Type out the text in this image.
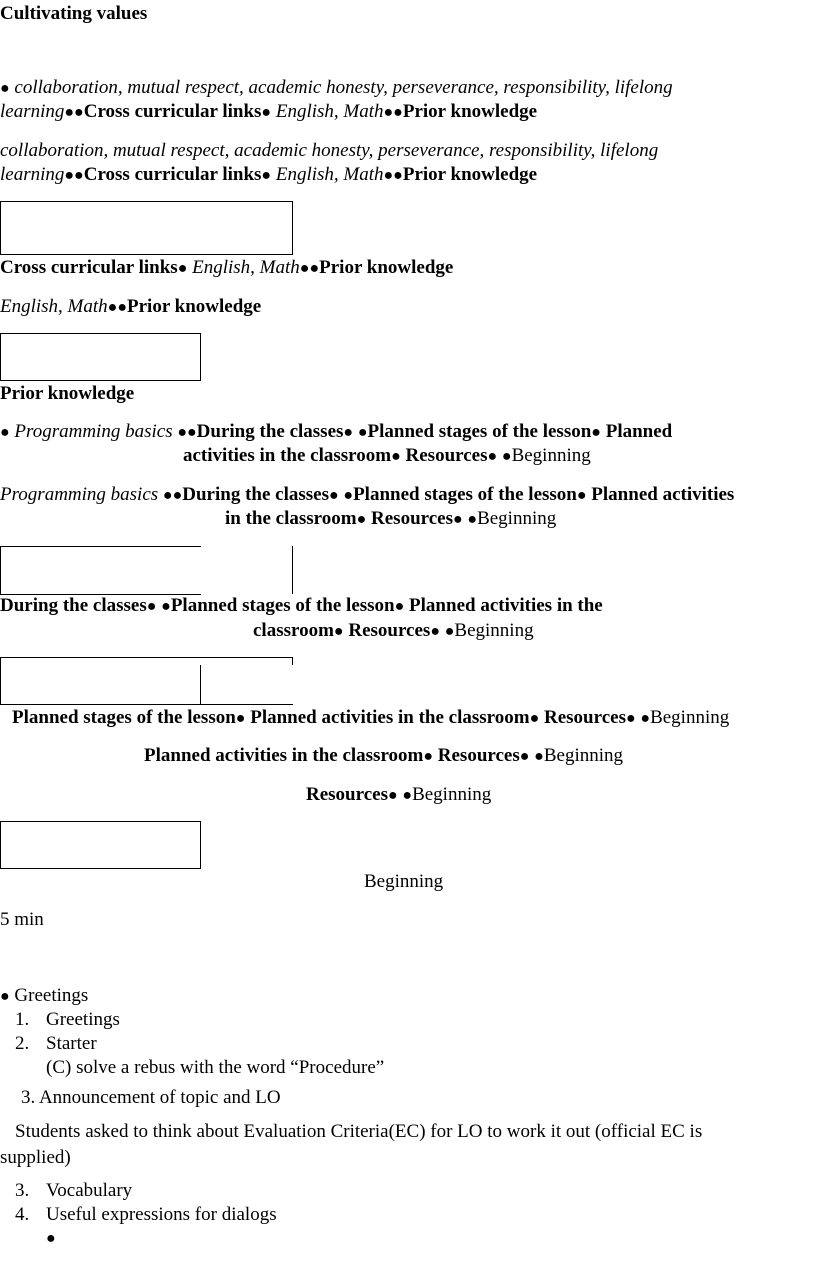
Cultivating values
● collaboration, mutual respect, academic honesty, perseverance, responsibility, lifelong
learning●●Cross curricular links● English, Math●●Prior knowledge
collaboration, mutual respect, academic honesty, perseverance, responsibility, lifelong
learning●●Cross curricular links● English, Math●●Prior knowledge
Cross curricular links● English, Math●●Prior knowledge
English, Math●●Prior knowledge
Prior knowledge
● Programming basics ●●During the classes● ●Planned stages of the lesson● Planned
activities in the classroom● Resources● ●Beginning
Programming basics ●●During the classes● ●Planned stages of the lesson● Planned activities
in the classroom● Resources● ●Beginning
During the classes● ●Planned stages of the lesson● Planned activities in the
classroom● Resources● ●Beginning
Planned stages of the lesson● Planned activities in the classroom● Resources● ●Beginning
Planned activities in the classroom● Resources● ●Beginning
Resources● ●Beginning
Beginning
5 min
● Greetings
1. Greetings
2. Starter
(C) solve a rebus with the word “Procedure”
3. Announcement of topic and LO
Students asked to think about Evaluation Criteria(EC) for LO to work it out (official EC is
supplied)
3. Vocabulary
4. Useful expressions for dialogs
●
